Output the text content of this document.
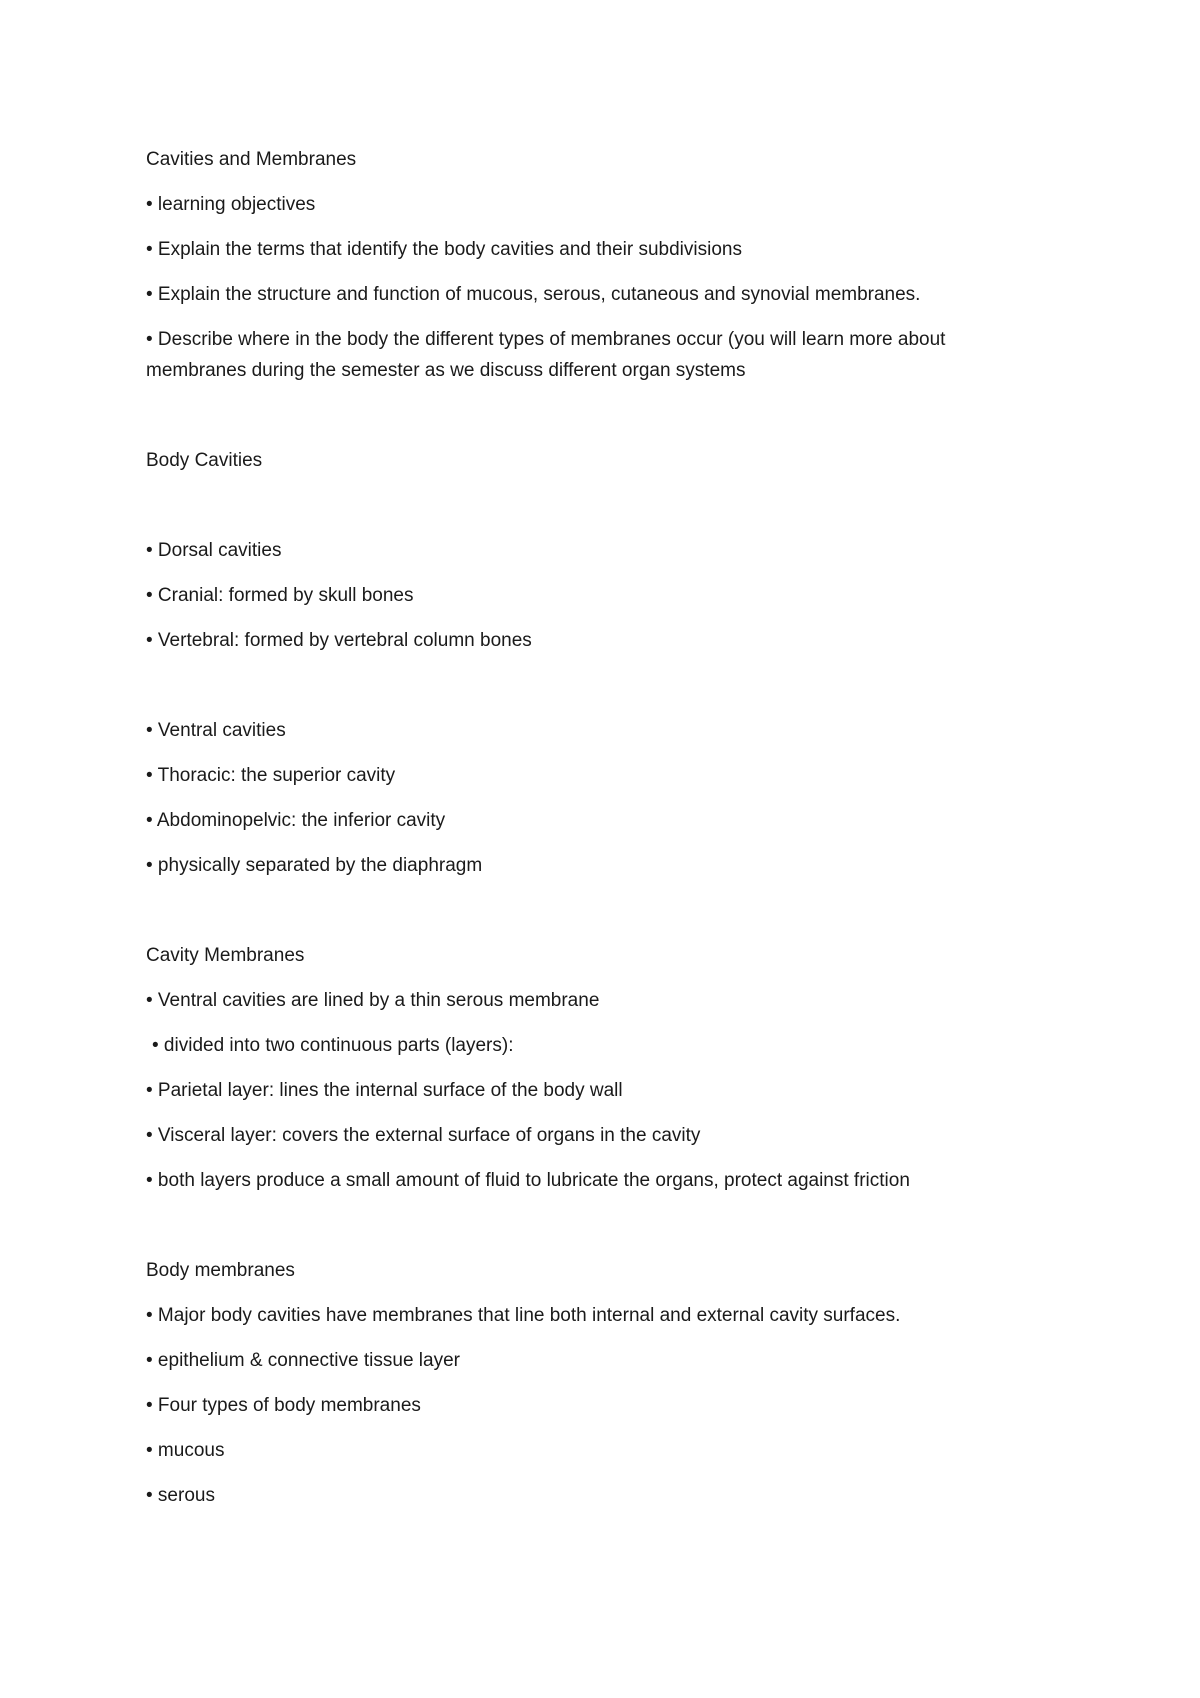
Cavities and Membranes
• learning objectives
• Explain the terms that identify the body cavities and their subdivisions
• Explain the structure and function of mucous, serous, cutaneous and synovial membranes.
• Describe where in the body the different types of membranes occur (you will learn more about membranes during the semester as we discuss different organ systems
Body Cavities
• Dorsal cavities
• Cranial: formed by skull bones
• Vertebral: formed by vertebral column bones
• Ventral cavities
• Thoracic: the superior cavity
• Abdominopelvic: the inferior cavity
• physically separated by the diaphragm
Cavity Membranes
• Ventral cavities are lined by a thin serous membrane
• divided into two continuous parts (layers):
• Parietal layer: lines the internal surface of the body wall
• Visceral layer: covers the external surface of organs in the cavity
• both layers produce a small amount of fluid to lubricate the organs, protect against friction
Body membranes
• Major body cavities have membranes that line both internal and external cavity surfaces.
• epithelium & connective tissue layer
• Four types of body membranes
• mucous
• serous
